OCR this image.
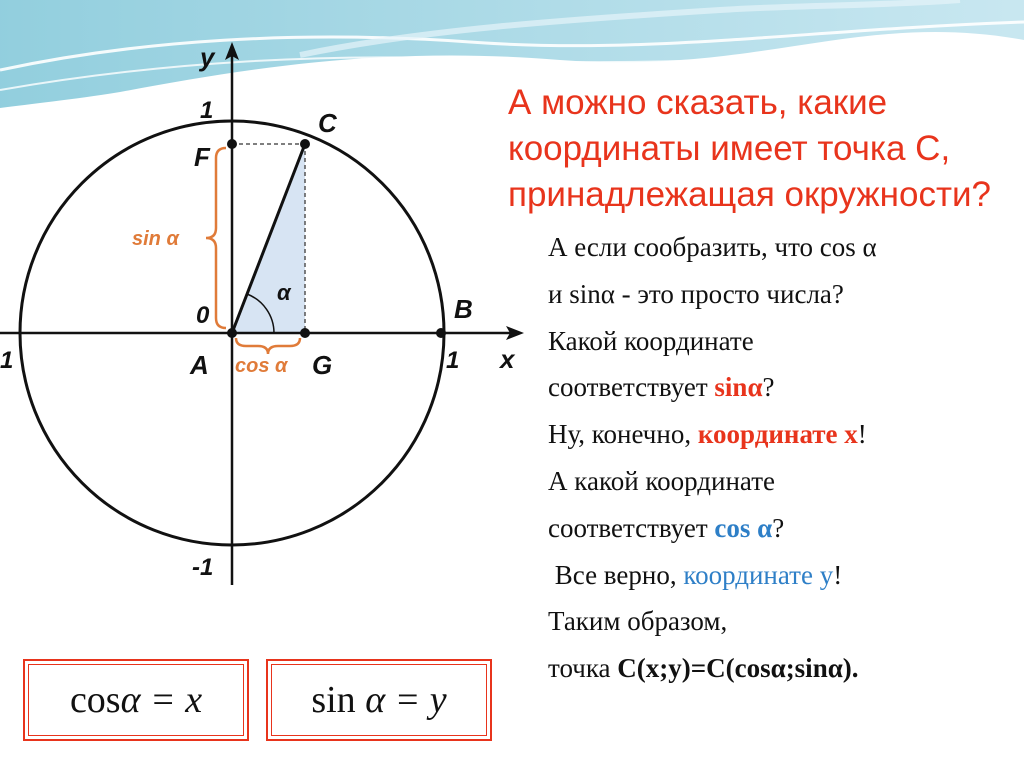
y
x
1
-1
1
1
0
C
F
B
A	G
α
sin α
cos α
А можно сказать, какие координаты имеет точка С, принадлежащая окружности?
А если сообразить, что cos α
и sinα - это просто числа?
Какой координате
соответствует sinα?
Ну, конечно, координате х!
А какой координате
соответствует cos α?
Все верно, координате у!
Таким образом,
точка С(х;у)=С(cosα;sinα).
cos α
= x	sin
α
= y
